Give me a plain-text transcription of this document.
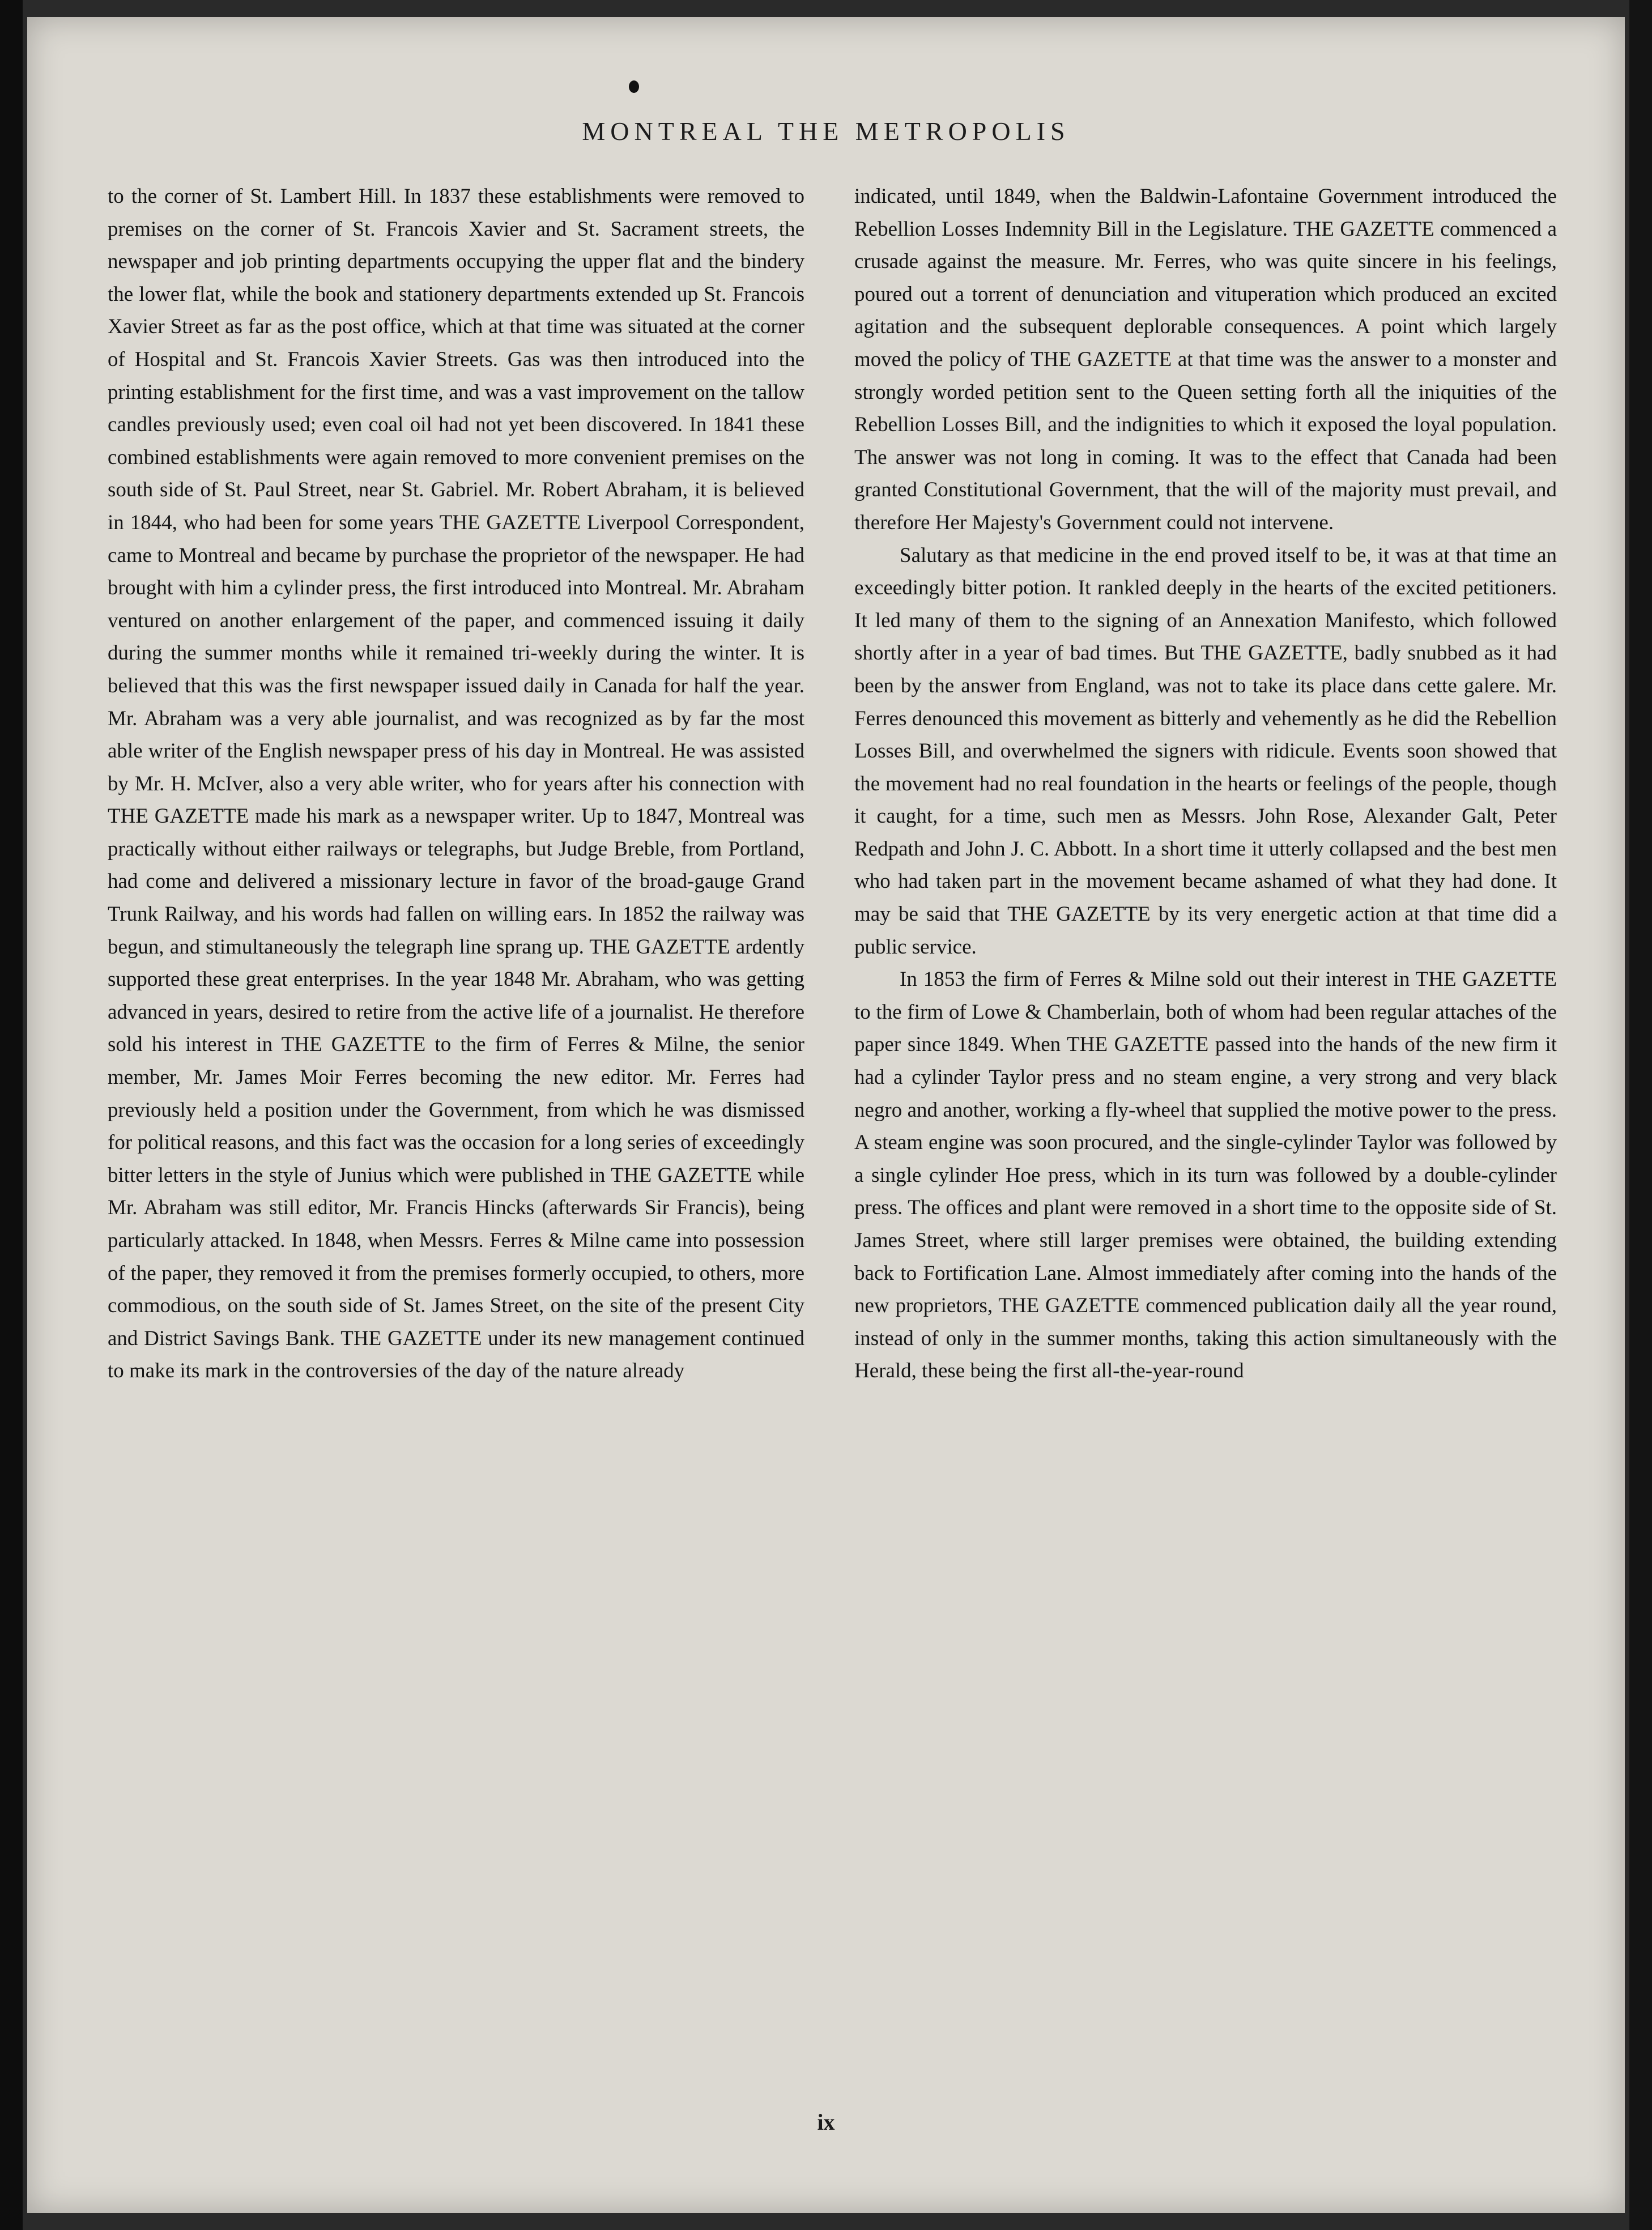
MONTREAL THE METROPOLIS

to the corner of St. Lambert Hill. In 1837 these establishments were removed to premises on the corner of St. Francois Xavier and St. Sacrament streets, the newspaper and job printing departments occupying the upper flat and the bindery the lower flat, while the book and stationery departments extended up St. Francois Xavier Street as far as the post office, which at that time was situated at the corner of Hospital and St. Francois Xavier Streets. Gas was then introduced into the printing establishment for the first time, and was a vast improvement on the tallow candles previously used; even coal oil had not yet been discovered. In 1841 these combined establishments were again removed to more convenient premises on the south side of St. Paul Street, near St. Gabriel. Mr. Robert Abraham, it is believed in 1844, who had been for some years THE GAZETTE Liverpool Correspondent, came to Montreal and became by purchase the proprietor of the newspaper. He had brought with him a cylinder press, the first introduced into Montreal. Mr. Abraham ventured on another enlargement of the paper, and commenced issuing it daily during the summer months while it remained tri-weekly during the winter. It is believed that this was the first newspaper issued daily in Canada for half the year. Mr. Abraham was a very able journalist, and was recognized as by far the most able writer of the English newspaper press of his day in Montreal. He was assisted by Mr. H. McIver, also a very able writer, who for years after his connection with THE GAZETTE made his mark as a newspaper writer. Up to 1847, Montreal was practically without either railways or telegraphs, but Judge Breble, from Portland, had come and delivered a missionary lecture in favor of the broad-gauge Grand Trunk Railway, and his words had fallen on willing ears. In 1852 the railway was begun, and stimultaneously the telegraph line sprang up. THE GAZETTE ardently supported these great enterprises. In the year 1848 Mr. Abraham, who was getting advanced in years, desired to retire from the active life of a journalist. He therefore sold his interest in THE GAZETTE to the firm of Ferres & Milne, the senior member, Mr. James Moir Ferres becoming the new editor. Mr. Ferres had previously held a position under the Government, from which he was dismissed for political reasons, and this fact was the occasion for a long series of exceedingly bitter letters in the style of Junius which were published in THE GAZETTE while Mr. Abraham was still editor, Mr. Francis Hincks (afterwards Sir Francis), being particularly attacked. In 1848, when Messrs. Ferres & Milne came into possession of the paper, they removed it from the premises formerly occupied, to others, more commodious, on the south side of St. James Street, on the site of the present City and District Savings Bank. THE GAZETTE under its new management continued to make its mark in the controversies of the day of the nature already

indicated, until 1849, when the Baldwin-Lafontaine Government introduced the Rebellion Losses Indemnity Bill in the Legislature. THE GAZETTE commenced a crusade against the measure. Mr. Ferres, who was quite sincere in his feelings, poured out a torrent of denunciation and vituperation which produced an excited agitation and the subsequent deplorable consequences. A point which largely moved the policy of THE GAZETTE at that time was the answer to a monster and strongly worded petition sent to the Queen setting forth all the iniquities of the Rebellion Losses Bill, and the indignities to which it exposed the loyal population. The answer was not long in coming. It was to the effect that Canada had been granted Constitutional Government, that the will of the majority must prevail, and therefore Her Majesty's Government could not intervene.

Salutary as that medicine in the end proved itself to be, it was at that time an exceedingly bitter potion. It rankled deeply in the hearts of the excited petitioners. It led many of them to the signing of an Annexation Manifesto, which followed shortly after in a year of bad times. But THE GAZETTE, badly snubbed as it had been by the answer from England, was not to take its place dans cette galere. Mr. Ferres denounced this movement as bitterly and vehemently as he did the Rebellion Losses Bill, and overwhelmed the signers with ridicule. Events soon showed that the movement had no real foundation in the hearts or feelings of the people, though it caught, for a time, such men as Messrs. John Rose, Alexander Galt, Peter Redpath and John J. C. Abbott. In a short time it utterly collapsed and the best men who had taken part in the movement became ashamed of what they had done. It may be said that THE GAZETTE by its very energetic action at that time did a public service.

In 1853 the firm of Ferres & Milne sold out their interest in THE GAZETTE to the firm of Lowe & Chamberlain, both of whom had been regular attaches of the paper since 1849. When THE GAZETTE passed into the hands of the new firm it had a cylinder Taylor press and no steam engine, a very strong and very black negro and another, working a fly-wheel that supplied the motive power to the press. A steam engine was soon procured, and the single-cylinder Taylor was followed by a single cylinder Hoe press, which in its turn was followed by a double-cylinder press. The offices and plant were removed in a short time to the opposite side of St. James Street, where still larger premises were obtained, the building extending back to Fortification Lane. Almost immediately after coming into the hands of the new proprietors, THE GAZETTE commenced publication daily all the year round, instead of only in the summer months, taking this action simultaneously with the Herald, these being the first all-the-year-round

ix
